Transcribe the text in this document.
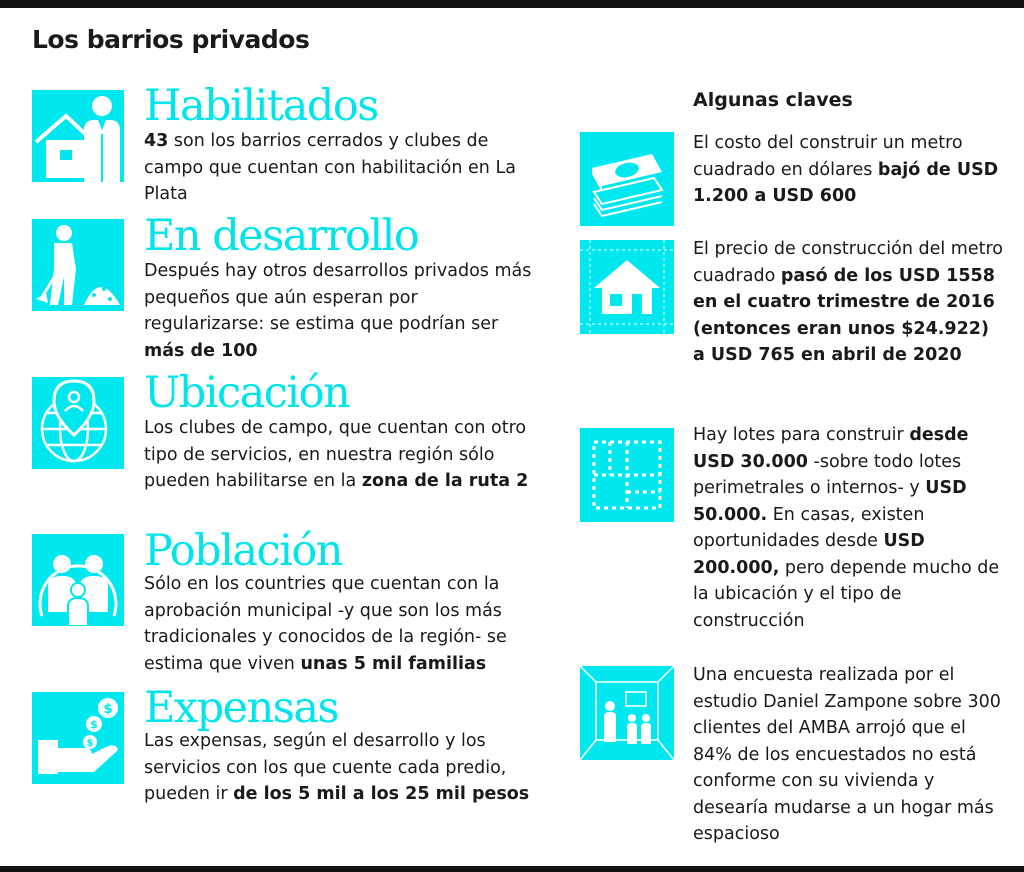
Los barrios privados
Habilitados

43 son los barrios cerrados y clubes de campo que cuentan con habilitación en La Plata

En desarrollo

Después hay otros desarrollos privados más pequeños que aún esperan por regularizarse: se estima que podrían ser más de 100

Ubicación

Los clubes de campo, que cuentan con otro tipo de servicios, en nuestra región sólo pueden habilitarse en la zona de la ruta 2

Población

Sólo en los countries que cuentan con la aprobación municipal -y que son los más tradicionales y conocidos de la región- se estima que viven unas 5 mil familias

$
$
$
Expensas

Las expensas, según el desarrollo y los servicios con los que cuente cada predio, pueden ir de los 5 mil a los 25 mil pesos

Algunas claves

El costo del construir un metro cuadrado en dólares bajó de USD 1.200 a USD 600

El precio de construcción del metro cuadrado pasó de los USD 1558 en el cuatro trimestre de 2016 (entonces eran unos $24.922) a USD 765 en abril de 2020

Hay lotes para construir desde USD 30.000 -sobre todo lotes perimetrales o internos- y USD 50.000. En casas, existen oportunidades desde USD 200.000, pero depende mucho de la ubicación y el tipo de construcción

Una encuesta realizada por el estudio Daniel Zampone sobre 300 clientes del AMBA arrojó que el 84% de los encuestados no está conforme con su vivienda y desearía mudarse a un hogar más espacioso
